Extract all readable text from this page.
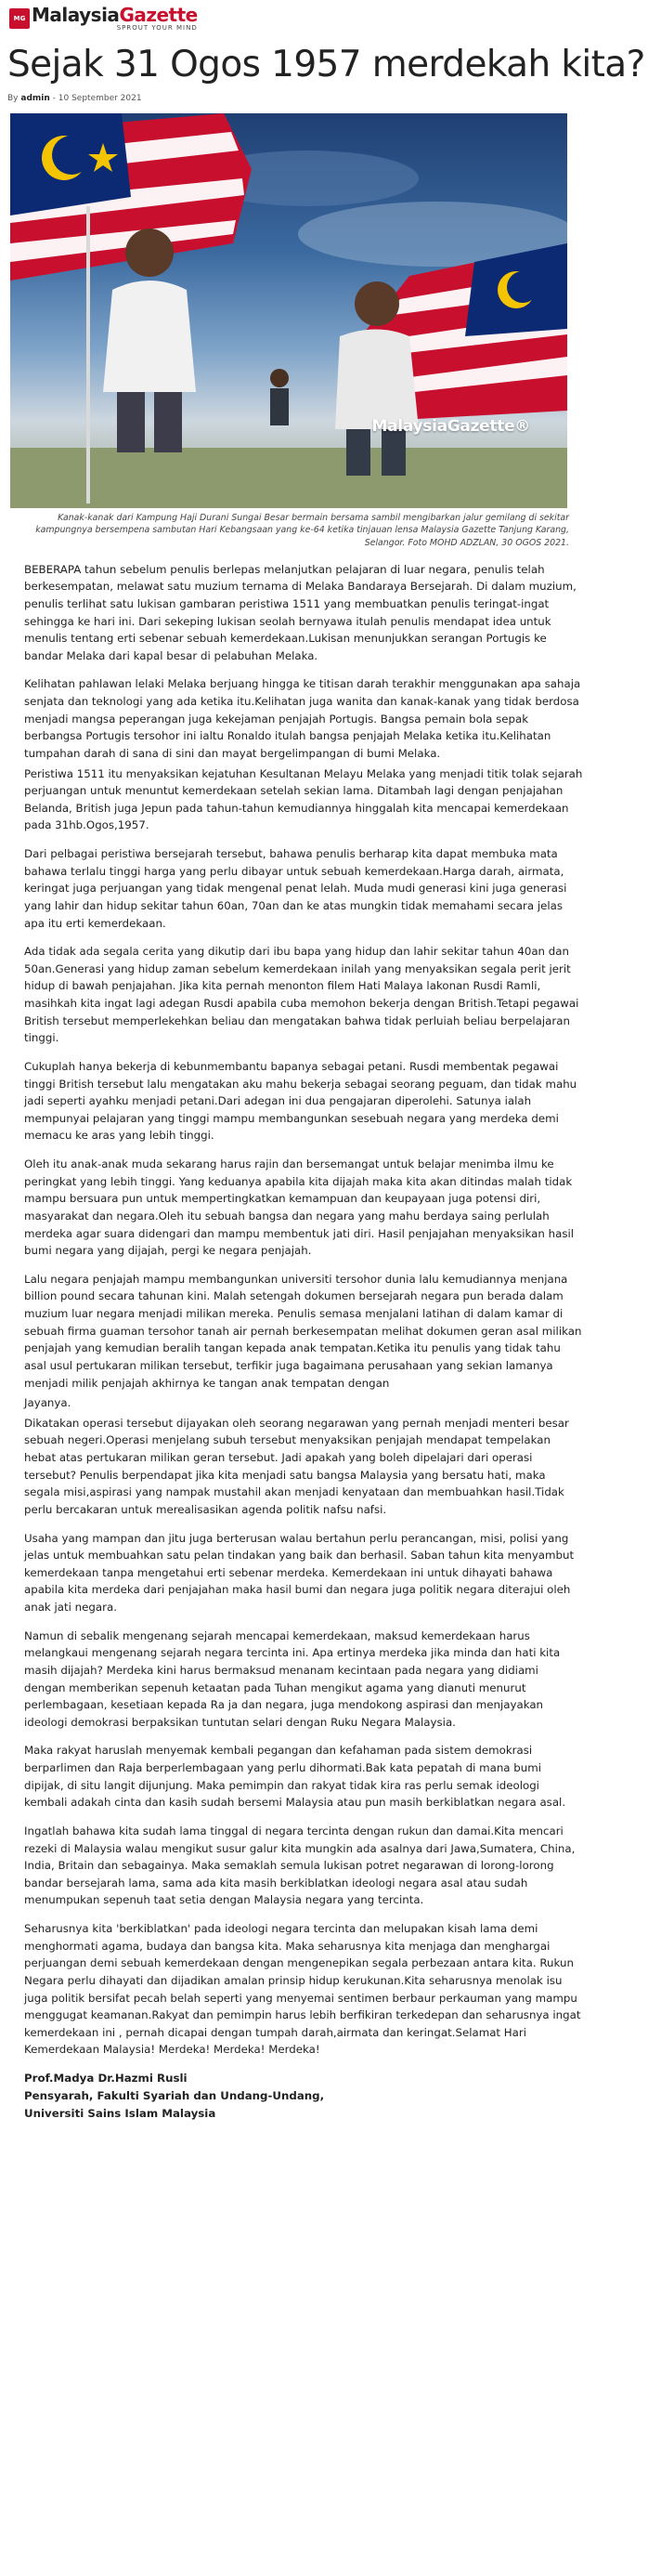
MG MalaysiaGazette
SPROUT YOUR MIND
Sejak 31 Ogos 1957 merdekah kita?
By admin - 10 September 2021
MalaysiaGazette®
Kanak-kanak dari Kampung Haji Durani Sungai Besar bermain bersama sambil mengibarkan jalur gemilang di sekitar kampungnya bersempena sambutan Hari Kebangsaan yang ke-64 ketika tinjauan lensa Malaysia Gazette Tanjung Karang, Selangor. Foto MOHD ADZLAN, 30 OGOS 2021.

BEBERAPA tahun sebelum penulis berlepas melanjutkan pelajaran di luar negara, penulis telah berkesempatan, melawat satu muzium ternama di Melaka Bandaraya Bersejarah. Di dalam muzium, penulis terlihat satu lukisan gambaran peristiwa 1511 yang membuatkan penulis teringat-ingat sehingga ke hari ini. Dari sekeping lukisan seolah bernyawa itulah penulis mendapat idea untuk menulis tentang erti sebenar sebuah kemerdekaan.Lukisan menunjukkan serangan Portugis ke bandar Melaka dari kapal besar di pelabuhan Melaka.

Kelihatan pahlawan lelaki Melaka berjuang hingga ke titisan darah terakhir menggunakan apa sahaja senjata dan teknologi yang ada ketika itu.Kelihatan juga wanita dan kanak-kanak yang tidak berdosa menjadi mangsa peperangan juga kekejaman penjajah Portugis. Bangsa pemain bola sepak berbangsa Portugis tersohor ini ialtu Ronaldo itulah bangsa penjajah Melaka ketika itu.Kelihatan tumpahan darah di sana di sini dan mayat bergelimpangan di bumi Melaka.

Peristiwa 1511 itu menyaksikan kejatuhan Kesultanan Melayu Melaka yang menjadi titik tolak sejarah perjuangan untuk menuntut kemerdekaan setelah sekian lama. Ditambah lagi dengan penjajahan Belanda, British juga Jepun pada tahun-tahun kemudiannya hinggalah kita mencapai kemerdekaan pada 31hb.Ogos,1957.

Dari pelbagai peristiwa bersejarah tersebut, bahawa penulis berharap kita dapat membuka mata bahawa terlalu tinggi harga yang perlu dibayar untuk sebuah kemerdekaan.Harga darah, airmata, keringat juga perjuangan yang tidak mengenal penat lelah. Muda mudi generasi kini juga generasi yang lahir dan hidup sekitar tahun 60an, 70an dan ke atas mungkin tidak memahami secara jelas apa itu erti kemerdekaan.

Ada tidak ada segala cerita yang dikutip dari ibu bapa yang hidup dan lahir sekitar tahun 40an dan 50an.Generasi yang hidup zaman sebelum kemerdekaan inilah yang menyaksikan segala perit jerit hidup di bawah penjajahan. Jika kita pernah menonton filem Hati Malaya lakonan Rusdi Ramli, masihkah kita ingat lagi adegan Rusdi apabila cuba memohon bekerja dengan British.Tetapi pegawai British tersebut memperlekehkan beliau dan mengatakan bahwa tidak perluiah beliau berpelajaran tinggi.

Cukuplah hanya bekerja di kebunmembantu bapanya sebagai petani. Rusdi membentak pegawai tinggi British tersebut lalu mengatakan aku mahu bekerja sebagai seorang peguam, dan tidak mahu jadi seperti ayahku menjadi petani.Dari adegan ini dua pengajaran diperolehi. Satunya ialah mempunyai pelajaran yang tinggi mampu membangunkan sesebuah negara yang merdeka demi memacu ke aras yang lebih tinggi.

Oleh itu anak-anak muda sekarang harus rajin dan bersemangat untuk belajar menimba ilmu ke peringkat yang lebih tinggi. Yang keduanya apabila kita dijajah maka kita akan ditindas malah tidak mampu bersuara pun untuk mempertingkatkan kemampuan dan keupayaan juga potensi diri, masyarakat dan negara.Oleh itu sebuah bangsa dan negara yang mahu berdaya saing perlulah merdeka agar suara didengari dan mampu membentuk jati diri. Hasil penjajahan menyaksikan hasil bumi negara yang dijajah, pergi ke negara penjajah.

Lalu negara penjajah mampu membangunkan universiti tersohor dunia lalu kemudiannya menjana billion pound secara tahunan kini. Malah setengah dokumen bersejarah negara pun berada dalam muzium luar negara menjadi milikan mereka. Penulis semasa menjalani latihan di dalam kamar di sebuah firma guaman tersohor tanah air pernah berkesempatan melihat dokumen geran asal milikan penjajah yang kemudian beralih tangan kepada anak tempatan.Ketika itu penulis yang tidak tahu asal usul pertukaran milikan tersebut, terfikir juga bagaimana perusahaan yang sekian lamanya menjadi milik penjajah akhirnya ke tangan anak tempatan dengan

Jayanya.

Dikatakan operasi tersebut dijayakan oleh seorang negarawan yang pernah menjadi menteri besar sebuah negeri.Operasi menjelang subuh tersebut menyaksikan penjajah mendapat tempelakan hebat atas pertukaran milikan geran tersebut. Jadi apakah yang boleh dipelajari dari operasi tersebut? Penulis berpendapat jika kita menjadi satu bangsa Malaysia yang bersatu hati, maka segala misi,aspirasi yang nampak mustahil akan menjadi kenyataan dan membuahkan hasil.Tidak perlu bercakaran untuk merealisasikan agenda politik nafsu nafsi.

Usaha yang mampan dan jitu juga berterusan walau bertahun perlu perancangan, misi, polisi yang jelas untuk membuahkan satu pelan tindakan yang baik dan berhasil. Saban tahun kita menyambut kemerdekaan tanpa mengetahui erti sebenar merdeka. Kemerdekaan ini untuk dihayati bahawa apabila kita merdeka dari penjajahan maka hasil bumi dan negara juga politik negara diterajui oleh anak jati negara.

Namun di sebalik mengenang sejarah mencapai kemerdekaan, maksud kemerdekaan harus melangkaui mengenang sejarah negara tercinta ini. Apa ertinya merdeka jika minda dan hati kita masih dijajah? Merdeka kini harus bermaksud menanam kecintaan pada negara yang didiami dengan memberikan sepenuh ketaatan pada Tuhan mengikut agama yang dianuti menurut perlembagaan, kesetiaan kepada Ra ja dan negara, juga mendokong aspirasi dan menjayakan ideologi demokrasi berpaksikan tuntutan selari dengan Ruku Negara Malaysia.

Maka rakyat haruslah menyemak kembali pegangan dan kefahaman pada sistem demokrasi berparlimen dan Raja berperlembagaan yang perlu dihormati.Bak kata pepatah di mana bumi dipijak, di situ langit dijunjung. Maka pemimpin dan rakyat tidak kira ras perlu semak ideologi kembali adakah cinta dan kasih sudah bersemi Malaysia atau pun masih berkiblatkan negara asal.

Ingatlah bahawa kita sudah lama tinggal di negara tercinta dengan rukun dan damai.Kita mencari rezeki di Malaysia walau mengikut susur galur kita mungkin ada asalnya dari Jawa,Sumatera, China, India, Britain dan sebagainya. Maka semaklah semula lukisan potret negarawan di lorong-lorong bandar bersejarah lama, sama ada kita masih berkiblatkan ideologi negara asal atau sudah menumpukan sepenuh taat setia dengan Malaysia negara yang tercinta.

Seharusnya kita 'berkiblatkan' pada ideologi negara tercinta dan melupakan kisah lama demi menghormati agama, budaya dan bangsa kita. Maka seharusnya kita menjaga dan menghargai perjuangan demi sebuah kemerdekaan dengan mengenepikan segala perbezaan antara kita. Rukun Negara perlu dihayati dan dijadikan amalan prinsip hidup kerukunan.Kita seharusnya menolak isu juga politik bersifat pecah belah seperti yang menyemai sentimen berbaur perkauman yang mampu menggugat keamanan.Rakyat dan pemimpin harus lebih berfikiran terkedepan dan seharusnya ingat kemerdekaan ini , pernah dicapai dengan tumpah darah,airmata dan keringat.Selamat Hari Kemerdekaan Malaysia! Merdeka! Merdeka! Merdeka!

Prof.Madya Dr.Hazmi Rusli
Pensyarah, Fakulti Syariah dan Undang-Undang,
Universiti Sains Islam Malaysia
